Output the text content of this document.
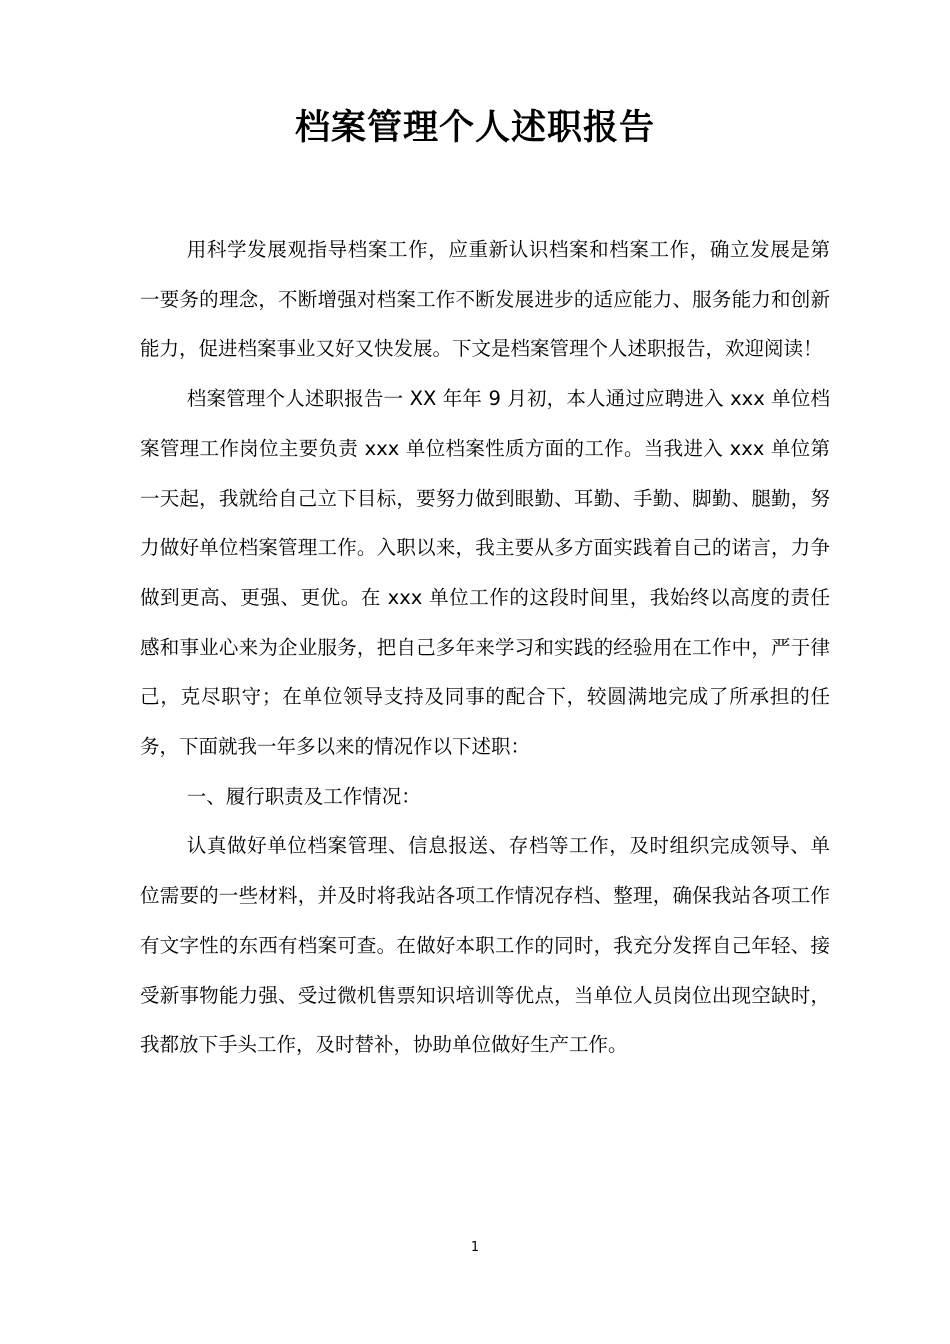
档案管理个人述职报告

用科学发展观指导档案工作，应重新认识档案和档案工作，确立发展是第一要务的理念，不断增强对档案工作不断发展进步的适应能力、服务能力和创新能力，促进档案事业又好又快发展。下文是档案管理个人述职报告，欢迎阅读！

档案管理个人述职报告一 XX 年年 9 月初，本人通过应聘进入 xxx 单位档案管理工作岗位主要负责 xxx 单位档案性质方面的工作。当我进入 xxx 单位第一天起，我就给自己立下目标，要努力做到眼勤、耳勤、手勤、脚勤、腿勤，努力做好单位档案管理工作。入职以来，我主要从多方面实践着自己的诺言，力争做到更高、更强、更优。在 xxx 单位工作的这段时间里，我始终以高度的责任感和事业心来为企业服务，把自己多年来学习和实践的经验用在工作中，严于律己，克尽职守；在单位领导支持及同事的配合下，较圆满地完成了所承担的任务，下面就我一年多以来的情况作以下述职：

一、履行职责及工作情况：

认真做好单位档案管理、信息报送、存档等工作，及时组织完成领导、单位需要的一些材料，并及时将我站各项工作情况存档、整理，确保我站各项工作有文字性的东西有档案可查。在做好本职工作的同时，我充分发挥自己年轻、接受新事物能力强、受过微机售票知识培训等优点，当单位人员岗位出现空缺时，我都放下手头工作，及时替补，协助单位做好生产工作。

1
